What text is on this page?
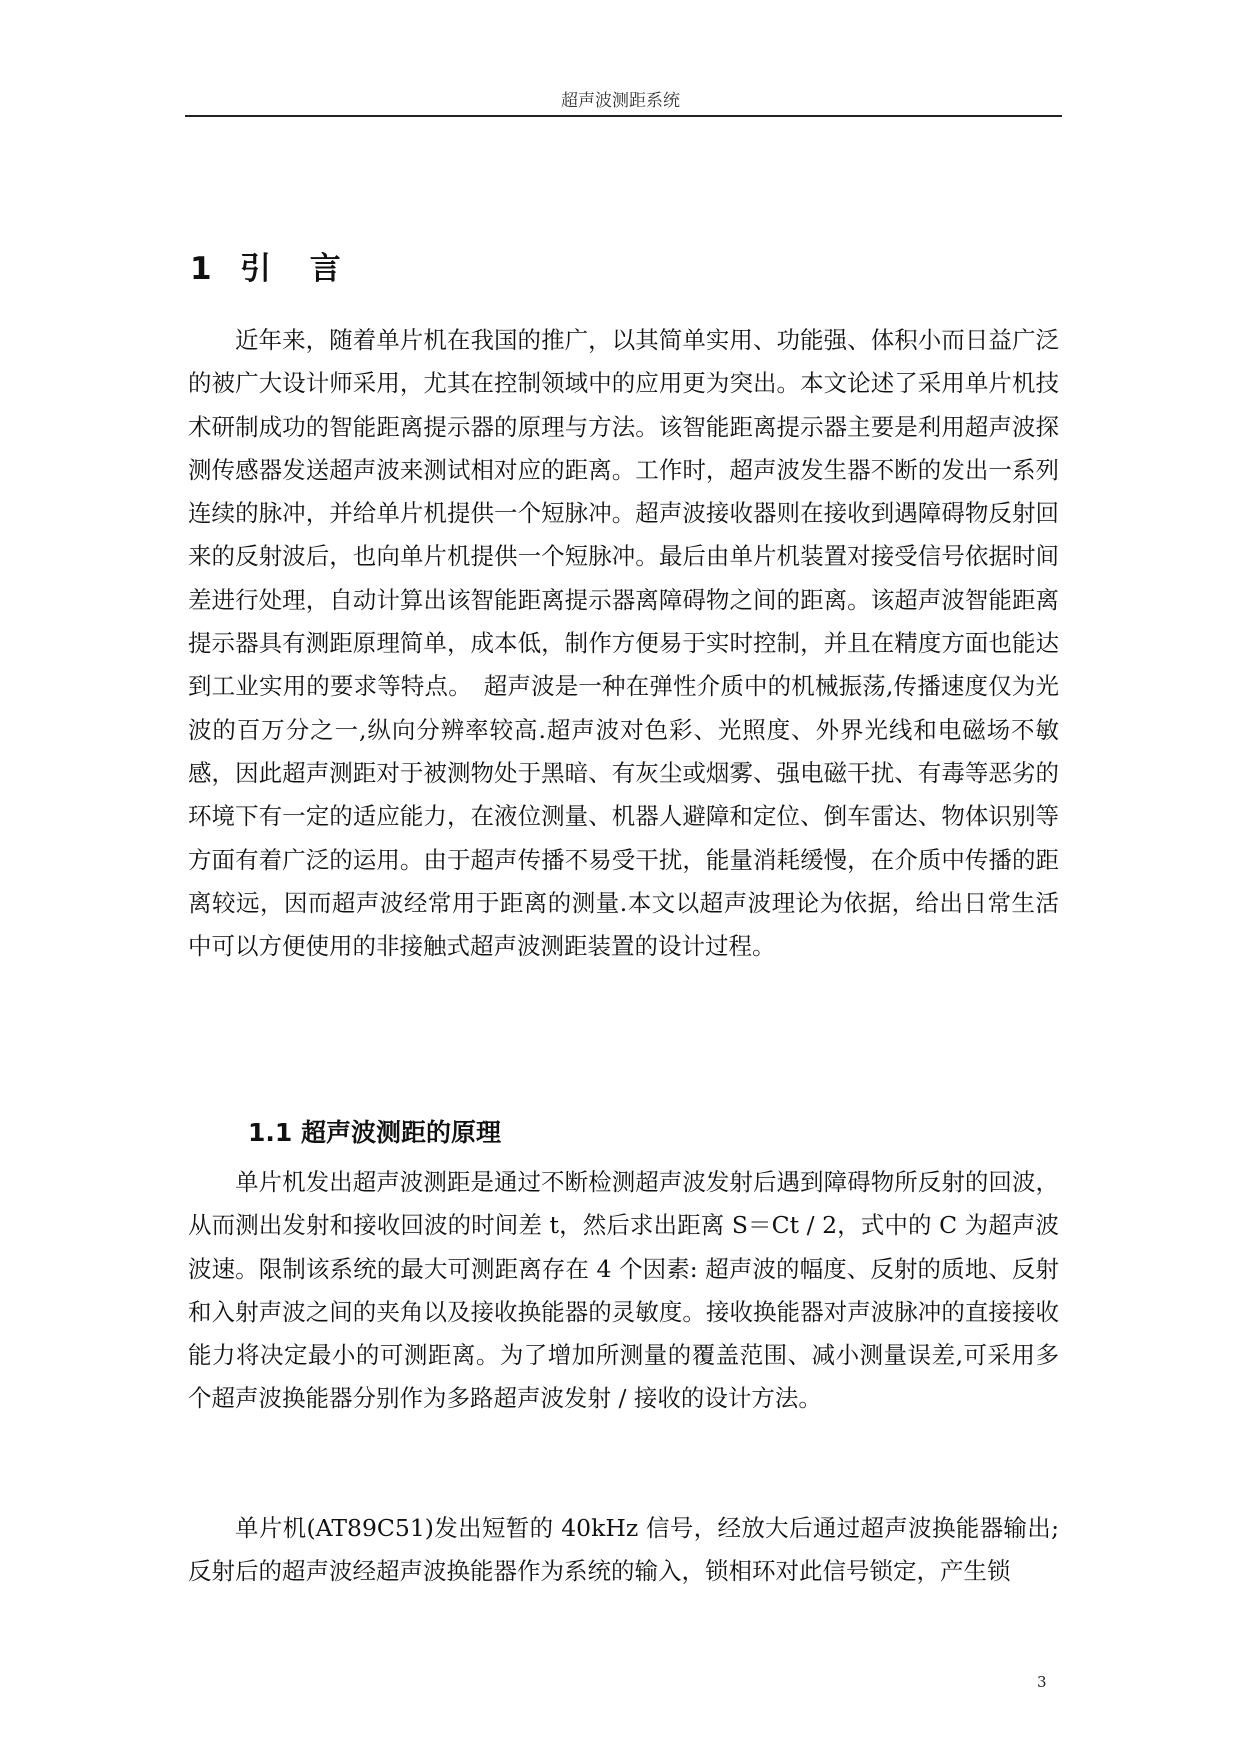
超声波测距系统
1 引 言

近年来，随着单片机在我国的推广，以其简单实用、功能强、体积小而日益广泛的被广大设计师采用，尤其在控制领域中的应用更为突出。本文论述了采用单片机技术研制成功的智能距离提示器的原理与方法。该智能距离提示器主要是利用超声波探测传感器发送超声波来测试相对应的距离。工作时，超声波发生器不断的发出一系列连续的脉冲，并给单片机提供一个短脉冲。超声波接收器则在接收到遇障碍物反射回来的反射波后，也向单片机提供一个短脉冲。最后由单片机装置对接受信号依据时间差进行处理，自动计算出该智能距离提示器离障碍物之间的距离。该超声波智能距离提示器具有测距原理简单，成本低，制作方便易于实时控制，并且在精度方面也能达到工业实用的要求等特点。　超声波是一种在弹性介质中的机械振荡,传播速度仅为光波的百万分之一,纵向分辨率较高.超声波对色彩、光照度、外界光线和电磁场不敏感，因此超声测距对于被测物处于黑暗、有灰尘或烟雾、强电磁干扰、有毒等恶劣的环境下有一定的适应能力，在液位测量、机器人避障和定位、倒车雷达、物体识别等方面有着广泛的运用。由于超声传播不易受干扰，能量消耗缓慢，在介质中传播的距离较远，因而超声波经常用于距离的测量.本文以超声波理论为依据，给出日常生活中可以方便使用的非接触式超声波测距装置的设计过程。

1.1 超声波测距的原理

单片机发出超声波测距是通过不断检测超声波发射后遇到障碍物所反射的回波，从而测出发射和接收回波的时间差 t，然后求出距离 S＝Ct / 2，式中的 C 为超声波波速。限制该系统的最大可测距离存在 4 个因素: 超声波的幅度、反射的质地、反射和入射声波之间的夹角以及接收换能器的灵敏度。接收换能器对声波脉冲的直接接收能力将决定最小的可测距离。为了增加所测量的覆盖范围、减小测量误差,可采用多个超声波换能器分别作为多路超声波发射 / 接收的设计方法。

单片机(AT89C51)发出短暂的 40kHz 信号，经放大后通过超声波换能器输出;反射后的超声波经超声波换能器作为系统的输入，锁相环对此信号锁定，产生锁

3
